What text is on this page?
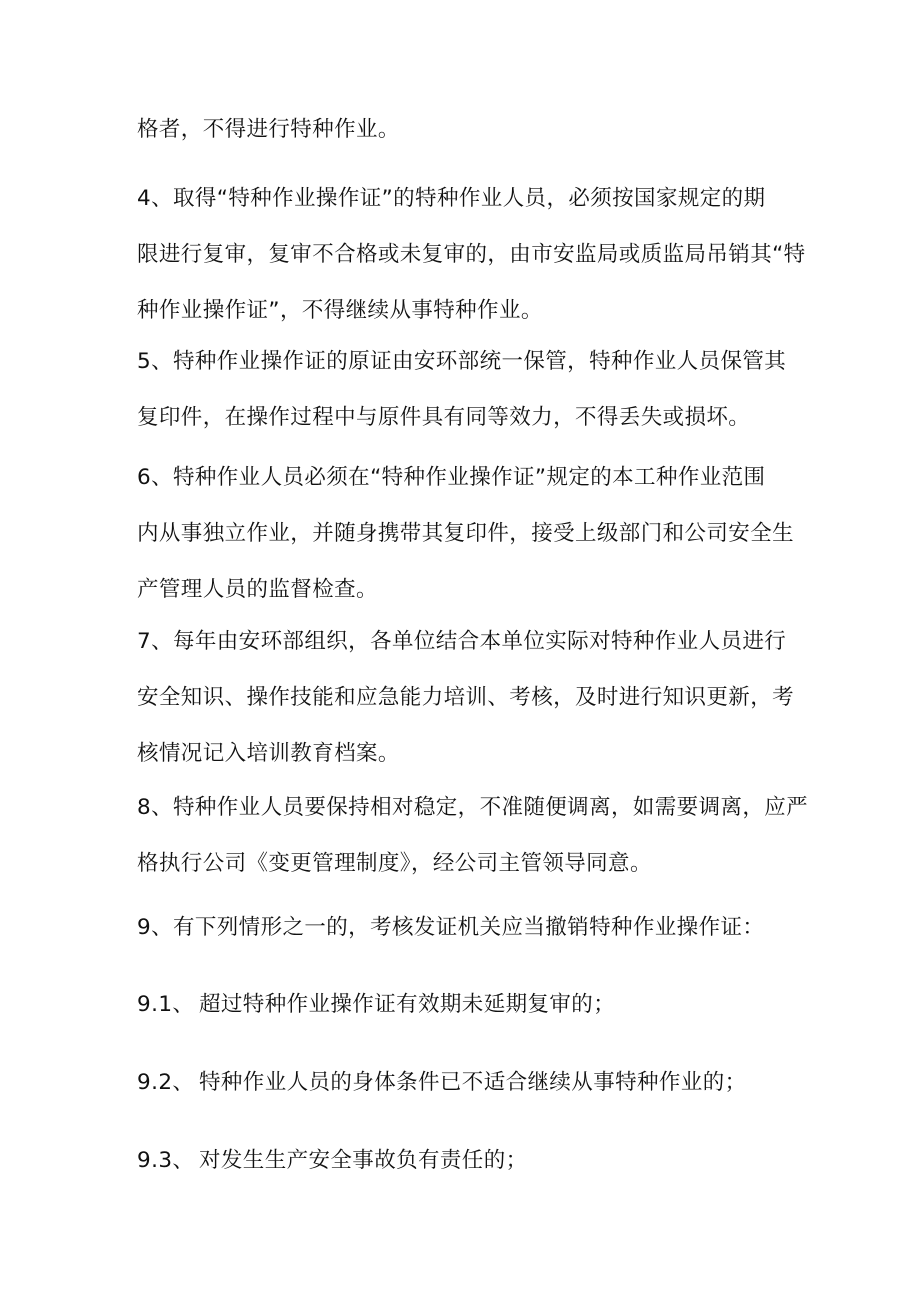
格者，不得进行特种作业。
4、取得“特种作业操作证”的特种作业人员，必须按国家规定的期
限进行复审，复审不合格或未复审的，由市安监局或质监局吊销其“特
种作业操作证”，不得继续从事特种作业。
5、特种作业操作证的原证由安环部统一保管，特种作业人员保管其
复印件，在操作过程中与原件具有同等效力，不得丢失或损坏。
6、特种作业人员必须在“特种作业操作证”规定的本工种作业范围
内从事独立作业，并随身携带其复印件，接受上级部门和公司安全生
产管理人员的监督检查。
7、每年由安环部组织，各单位结合本单位实际对特种作业人员进行
安全知识、操作技能和应急能力培训、考核，及时进行知识更新，考
核情况记入培训教育档案。
8、特种作业人员要保持相对稳定，不准随便调离，如需要调离，应严
格执行公司《变更管理制度》，经公司主管领导同意。
9、有下列情形之一的，考核发证机关应当撤销特种作业操作证：
9.1、 超过特种作业操作证有效期未延期复审的；
9.2、 特种作业人员的身体条件已不适合继续从事特种作业的；
9.3、 对发生生产安全事故负有责任的；
